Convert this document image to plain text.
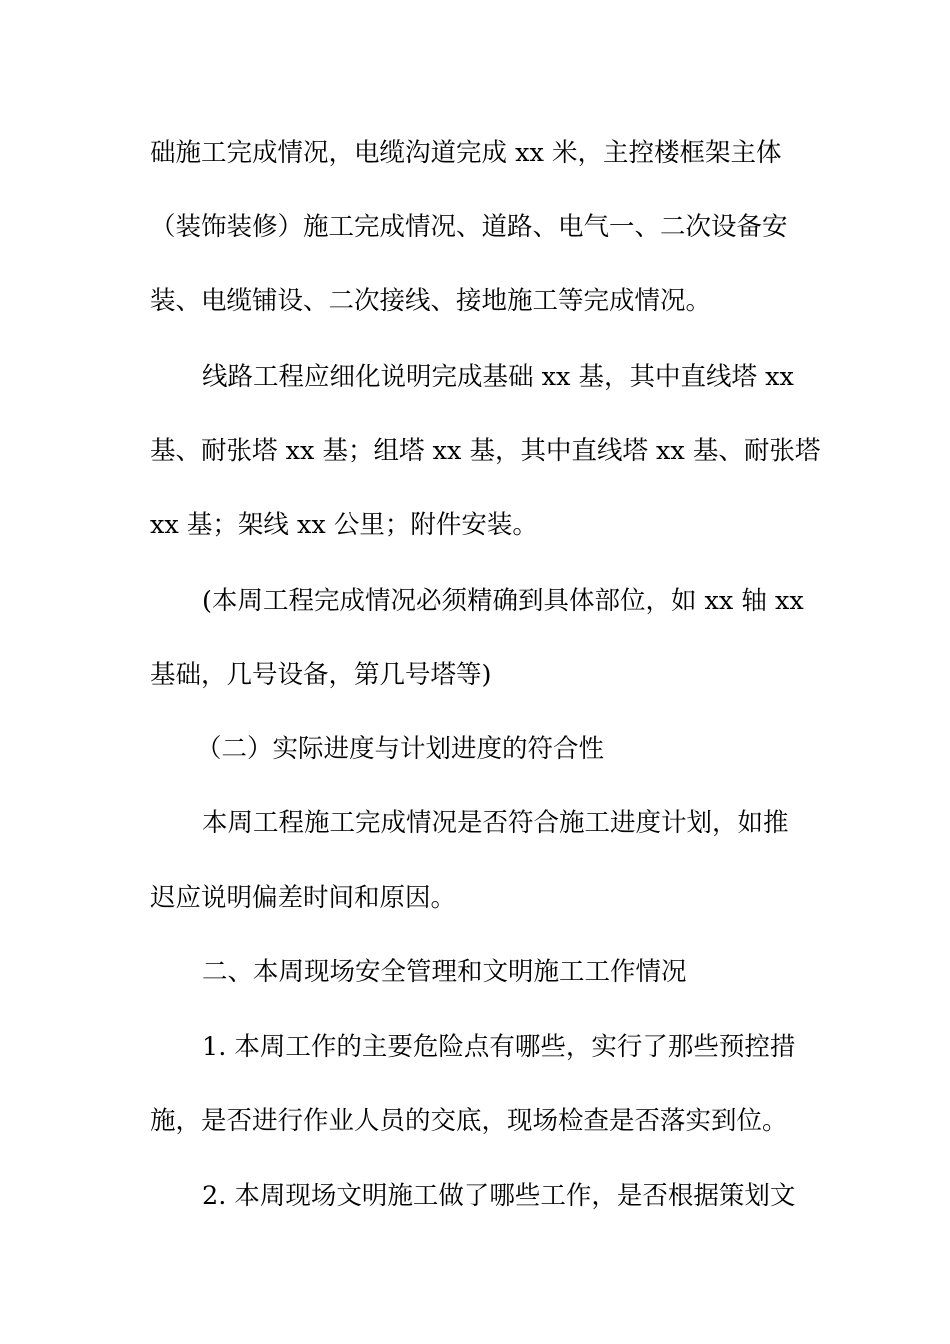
础施工完成情况，电缆沟道完成 xx 米，主控楼框架主体
（装饰装修）施工完成情况、道路、电气一、二次设备安
装、电缆铺设、二次接线、接地施工等完成情况。
线路工程应细化说明完成基础 xx 基，其中直线塔 xx
基、耐张塔 xx 基；组塔 xx 基，其中直线塔 xx 基、耐张塔
xx 基；架线 xx 公里；附件安装。
(本周工程完成情况必须精确到具体部位，如 xx 轴 xx
基础，几号设备，第几号塔等)
（二）实际进度与计划进度的符合性
本周工程施工完成情况是否符合施工进度计划，如推
迟应说明偏差时间和原因。
二、本周现场安全管理和文明施工工作情况
1. 本周工作的主要危险点有哪些，实行了那些预控措
施，是否进行作业人员的交底，现场检查是否落实到位。
2. 本周现场文明施工做了哪些工作，是否根据策划文
